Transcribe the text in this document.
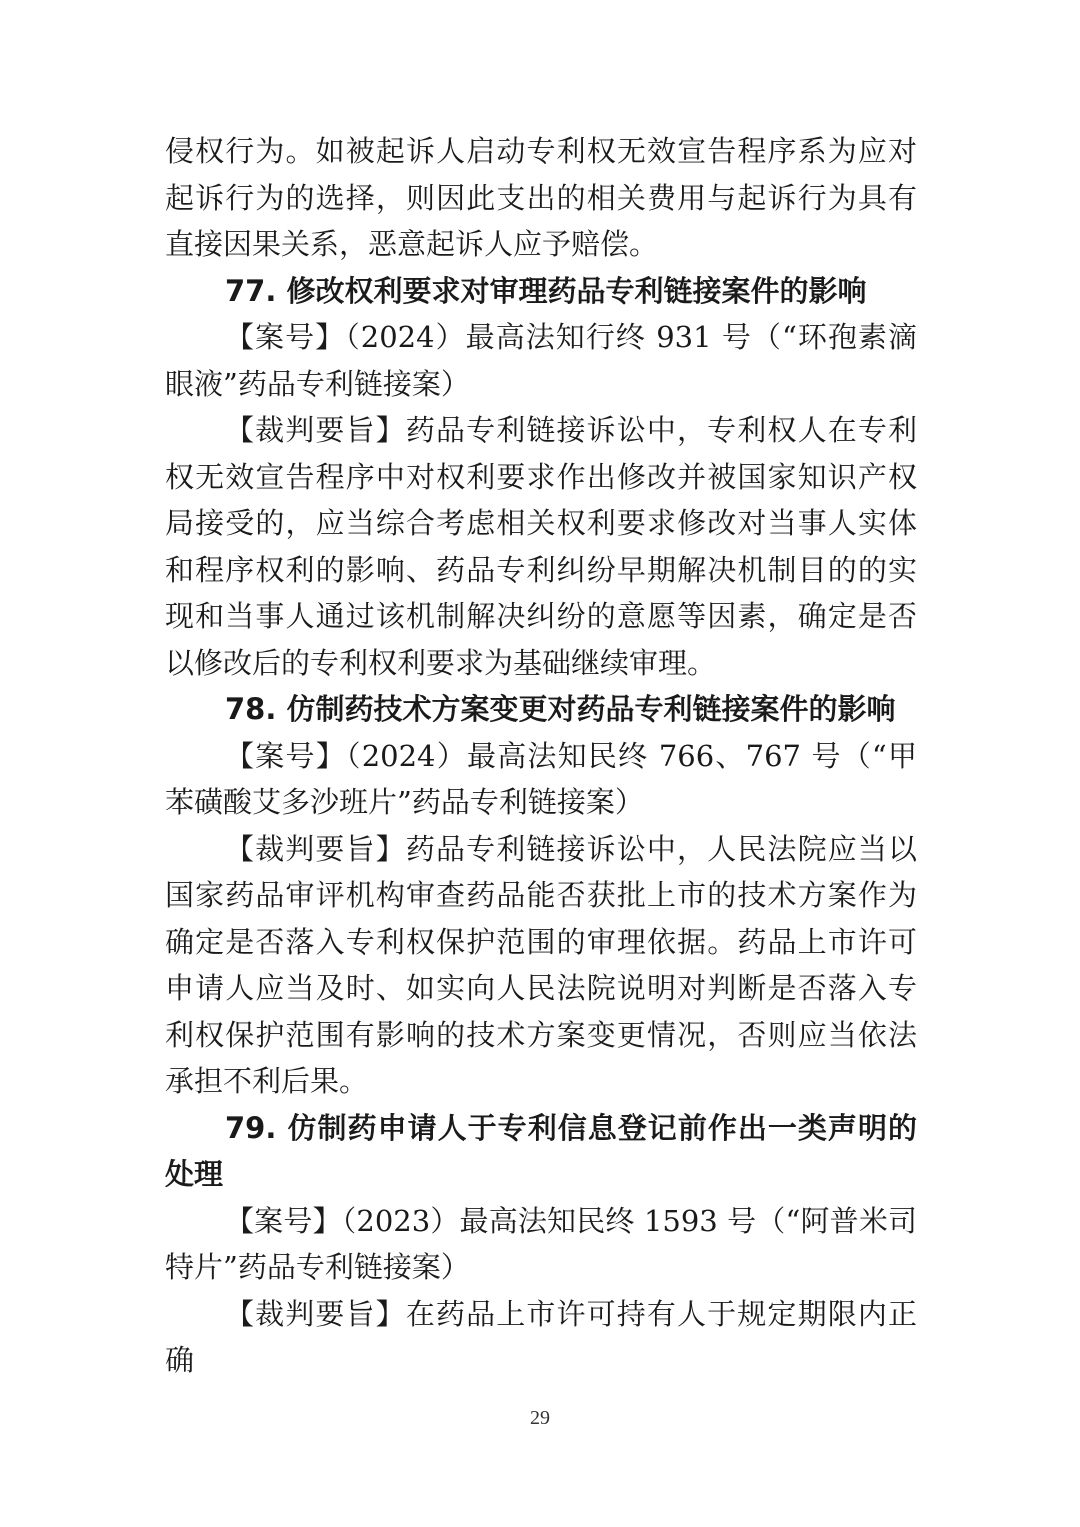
侵权行为。如被起诉人启动专利权无效宣告程序系为应对起诉行为的选择，则因此支出的相关费用与起诉行为具有直接因果关系，恶意起诉人应予赔偿。

77. 修改权利要求对审理药品专利链接案件的影响

【案号】（2024）最高法知行终 931 号（“环孢素滴眼液”药品专利链接案）

【裁判要旨】药品专利链接诉讼中，专利权人在专利权无效宣告程序中对权利要求作出修改并被国家知识产权局接受的，应当综合考虑相关权利要求修改对当事人实体和程序权利的影响、药品专利纠纷早期解决机制目的的实现和当事人通过该机制解决纠纷的意愿等因素，确定是否以修改后的专利权利要求为基础继续审理。

78. 仿制药技术方案变更对药品专利链接案件的影响

【案号】（2024）最高法知民终 766、767 号（“甲苯磺酸艾多沙班片”药品专利链接案）

【裁判要旨】药品专利链接诉讼中，人民法院应当以国家药品审评机构审查药品能否获批上市的技术方案作为确定是否落入专利权保护范围的审理依据。药品上市许可申请人应当及时、如实向人民法院说明对判断是否落入专利权保护范围有影响的技术方案变更情况，否则应当依法承担不利后果。

79. 仿制药申请人于专利信息登记前作出一类声明的处理

【案号】（2023）最高法知民终 1593 号（“阿普米司特片”药品专利链接案）

【裁判要旨】在药品上市许可持有人于规定期限内正确

29
